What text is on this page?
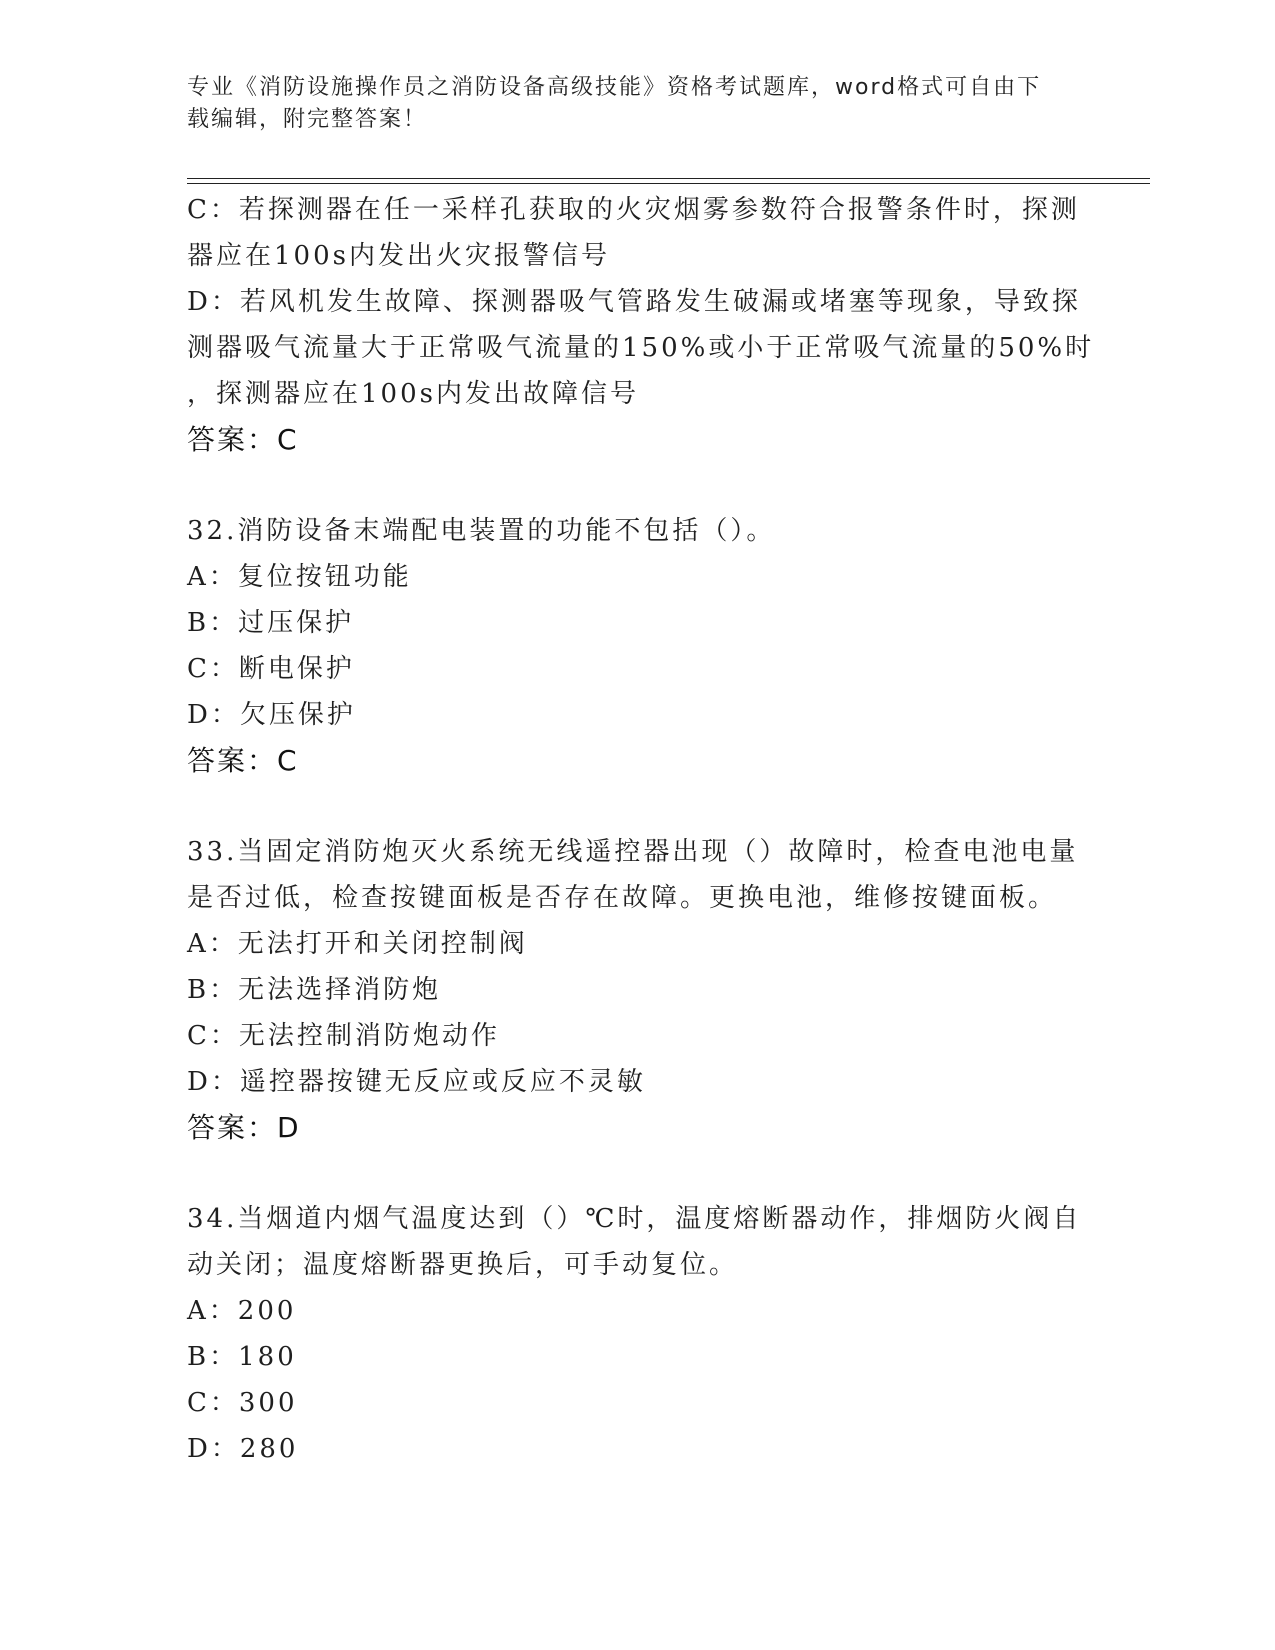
专业《消防设施操作员之消防设备高级技能》资格考试题库，word格式可自由下
载编辑，附完整答案！
C：若探测器在任一采样孔获取的火灾烟雾参数符合报警条件时，探测
器应在100s内发出火灾报警信号
D：若风机发生故障、探测器吸气管路发生破漏或堵塞等现象，导致探
测器吸气流量大于正常吸气流量的150%或小于正常吸气流量的50%时
，探测器应在100s内发出故障信号
答案：C
32.消防设备末端配电装置的功能不包括（）。
A：复位按钮功能
B：过压保护
C：断电保护
D：欠压保护
答案：C
33.当固定消防炮灭火系统无线遥控器出现（）故障时，检查电池电量
是否过低，检查按键面板是否存在故障。更换电池，维修按键面板。
A：无法打开和关闭控制阀
B：无法选择消防炮
C：无法控制消防炮动作
D：遥控器按键无反应或反应不灵敏
答案：D
34.当烟道内烟气温度达到（）℃时，温度熔断器动作，排烟防火阀自
动关闭；温度熔断器更换后，可手动复位。
A：200
B：180
C：300
D：280
